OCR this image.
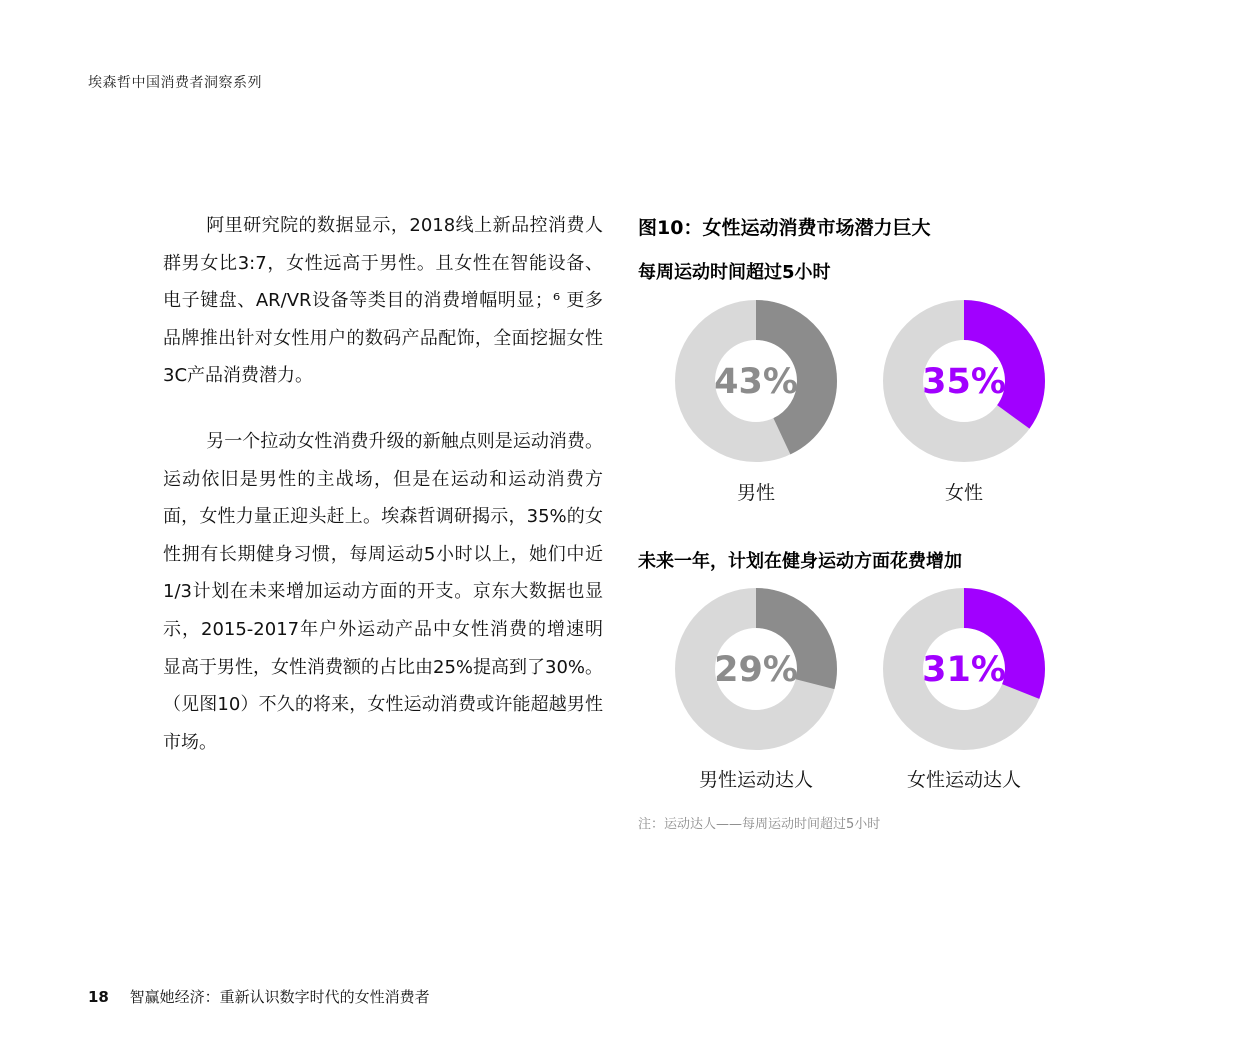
埃森哲中国消费者洞察系列

阿里研究院的数据显示，2018线上新品控消费人群男女比3:7，女性远高于男性。且女性在智能设备、电子键盘、AR/VR设备等类目的消费增幅明显；⁶ 更多品牌推出针对女性用户的数码产品配饰，全面挖掘女性3C产品消费潜力。

另一个拉动女性消费升级的新触点则是运动消费。运动依旧是男性的主战场，但是在运动和运动消费方面，女性力量正迎头赶上。埃森哲调研揭示，35%的女性拥有长期健身习惯，每周运动5小时以上，她们中近1/3计划在未来增加运动方面的开支。京东大数据也显示，2015-2017年户外运动产品中女性消费的增速明显高于男性，女性消费额的占比由25%提高到了30%。（见图10）不久的将来，女性运动消费或许能超越男性市场。

图10：女性运动消费市场潜力巨大
每周运动时间超过5小时
未来一年，计划在健身运动方面花费增加
43%	35%
男性	女性
29%	31%
男性运动达人	女性运动达人
注：运动达人——每周运动时间超过5小时
18 智赢她经济：重新认识数字时代的女性消费者
